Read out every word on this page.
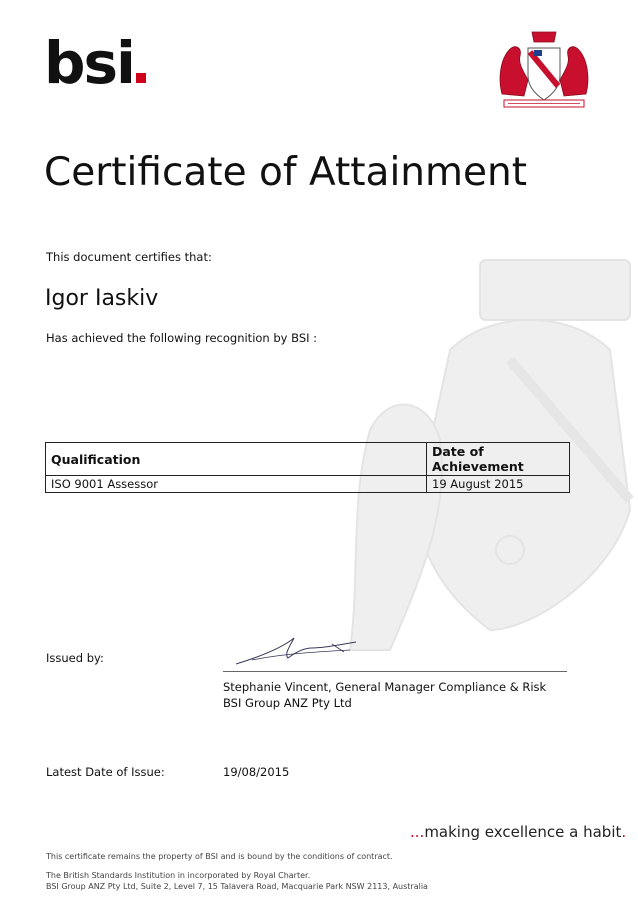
bsi
Certificate of Attainment
This document certifies that:
Igor Iaskiv
Has achieved the following recognition by BSI :
Qualification	Date of Achievement
ISO 9001 Assessor	19 August 2015
Issued by:
Stephanie Vincent, General Manager Compliance & Risk
BSI Group ANZ Pty Ltd
Latest Date of Issue:	19/08/2015
...making excellence a habit.
This certificate remains the property of BSI and is bound by the conditions of contract.
The British Standards Institution in incorporated by Royal Charter.
BSI Group ANZ Pty Ltd, Suite 2, Level 7, 15 Talavera Road, Macquarie Park NSW 2113, Australia
